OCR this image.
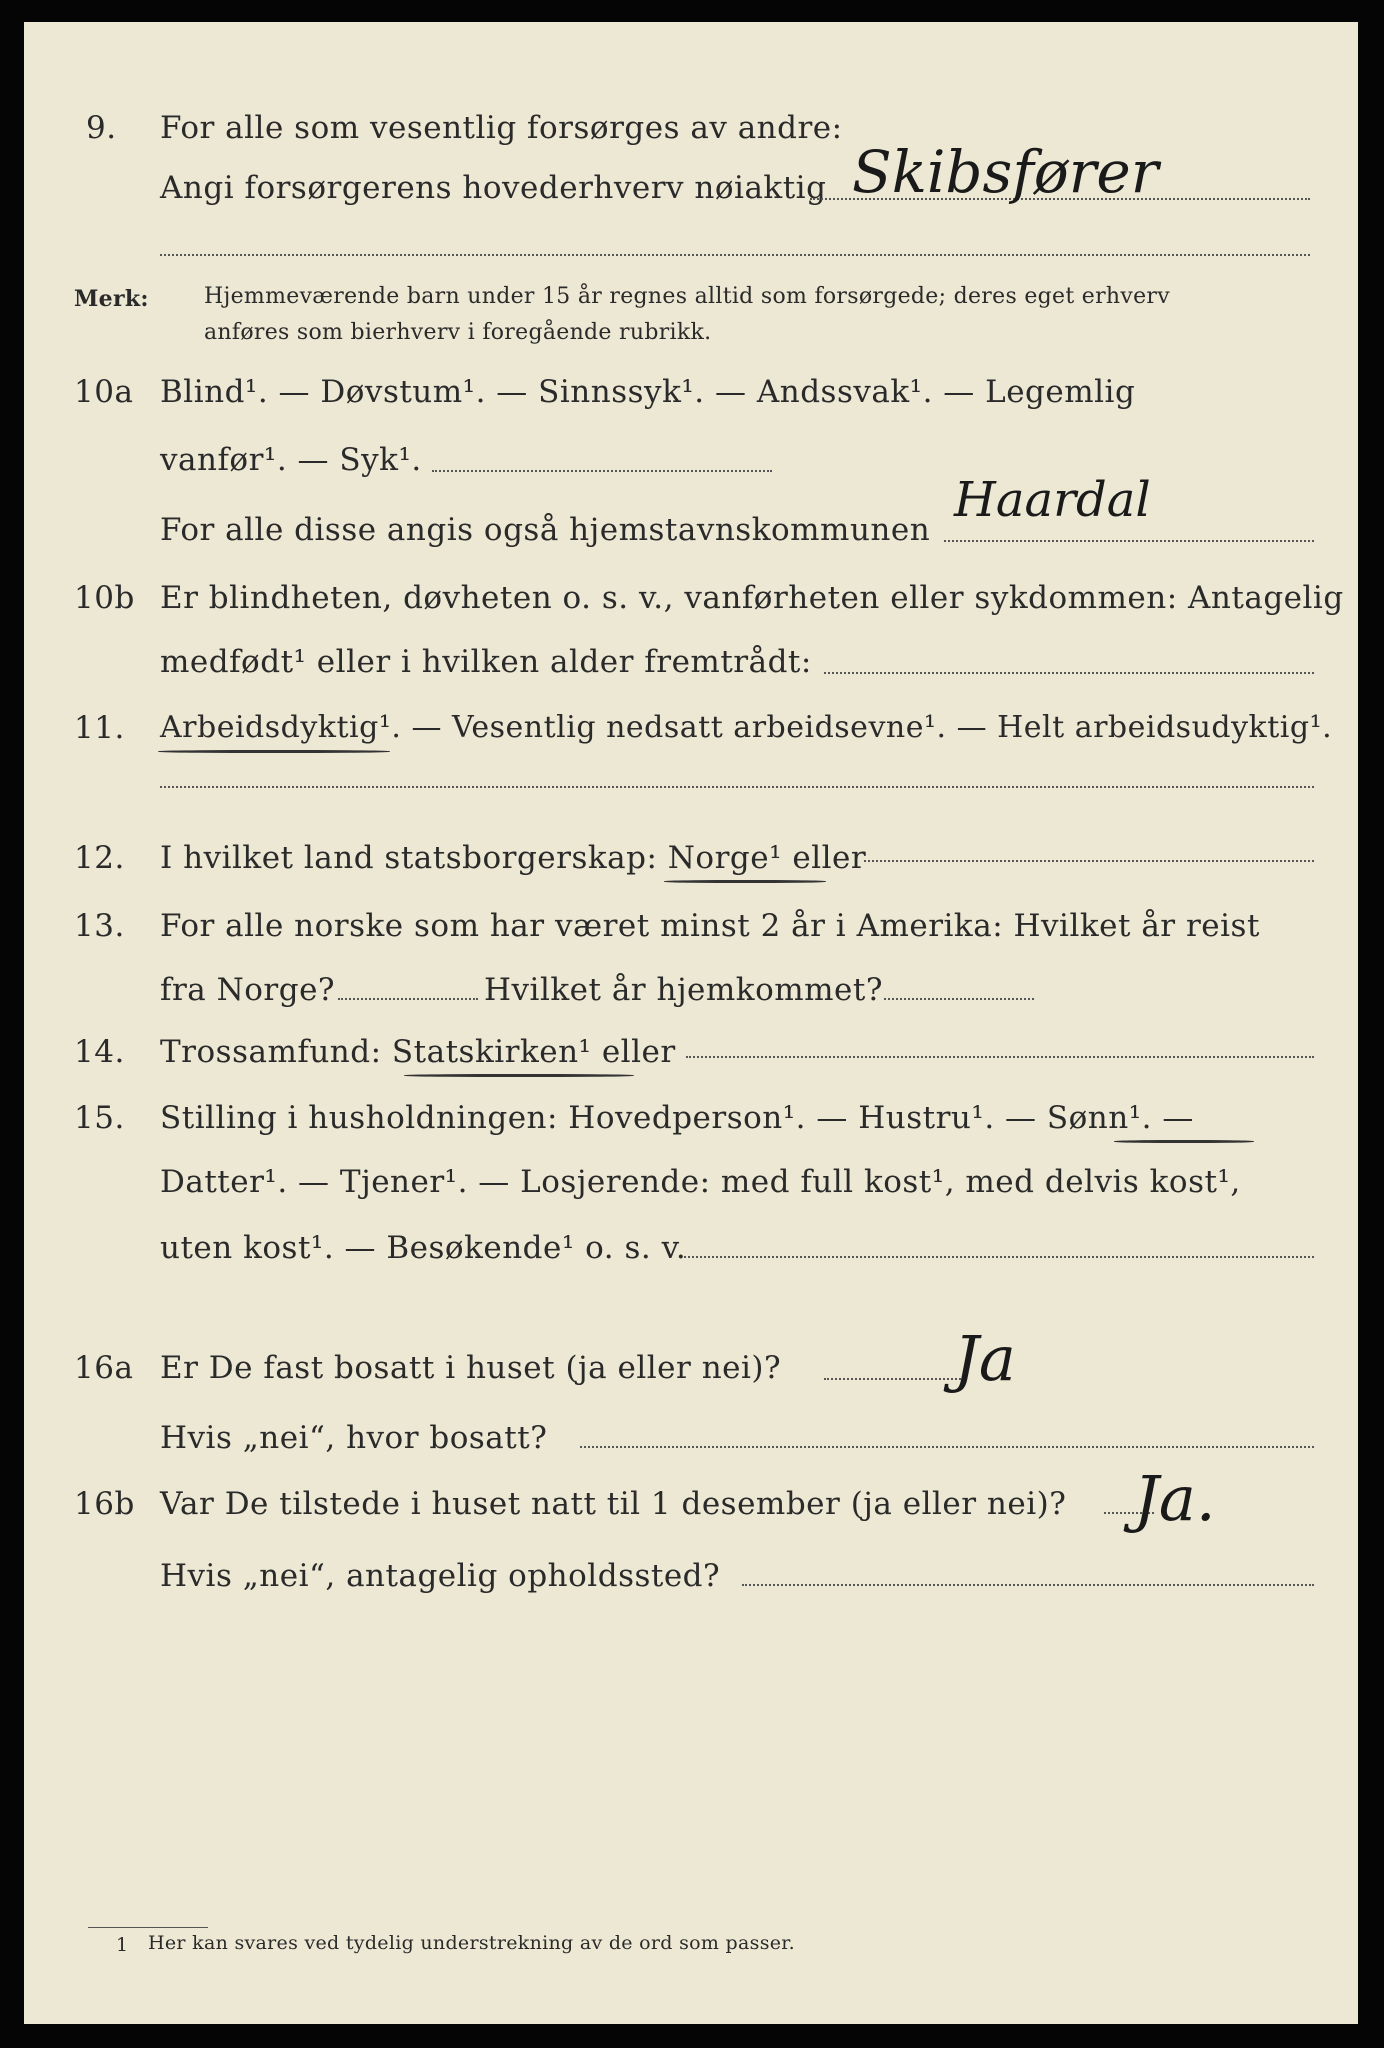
9. For alle som vesentlig forsørges av andre:
Angi forsørgerens hovederhverv nøiaktig Skibsfører
Merk:	Hjemmeværende barn under 15 år regnes alltid som forsørgede; deres eget erhverv
anføres som bierhverv i foregående rubrikk.
10a Blind¹. — Døvstum¹. — Sinnssyk¹. — Andssvak¹. — Legemlig
vanfør¹. — Syk¹.
For alle disse angis også hjemstavnskommunen
Haardal
10b Er blindheten, døvheten o. s. v., vanførheten eller sykdommen: Antagelig
medfødt¹ eller i hvilken alder fremtrådt:
11. Arbeidsdyktig¹. — Vesentlig nedsatt arbeidsevne¹. — Helt arbeidsudyktig¹.
12. I hvilket land statsborgerskap: Norge¹ eller
13. For alle norske som har været minst 2 år i Amerika: Hvilket år reist
fra Norge?	Hvilket år hjemkommet?
14. Trossamfund: Statskirken¹ eller
15. Stilling i husholdningen: Hovedperson¹. — Hustru¹. — Sønn¹. —
Datter¹. — Tjener¹. — Losjerende: med full kost¹, med delvis kost¹,
uten kost¹. — Besøkende¹ o. s. v.
16a Er De fast bosatt i huset (ja eller nei)?	Ja
Hvis „nei“, hvor bosatt?
16b Var De tilstede i huset natt til 1 desember (ja eller nei)? Ja.
Hvis „nei“, antagelig opholdssted?
1 Her kan svares ved tydelig understrekning av de ord som passer.
